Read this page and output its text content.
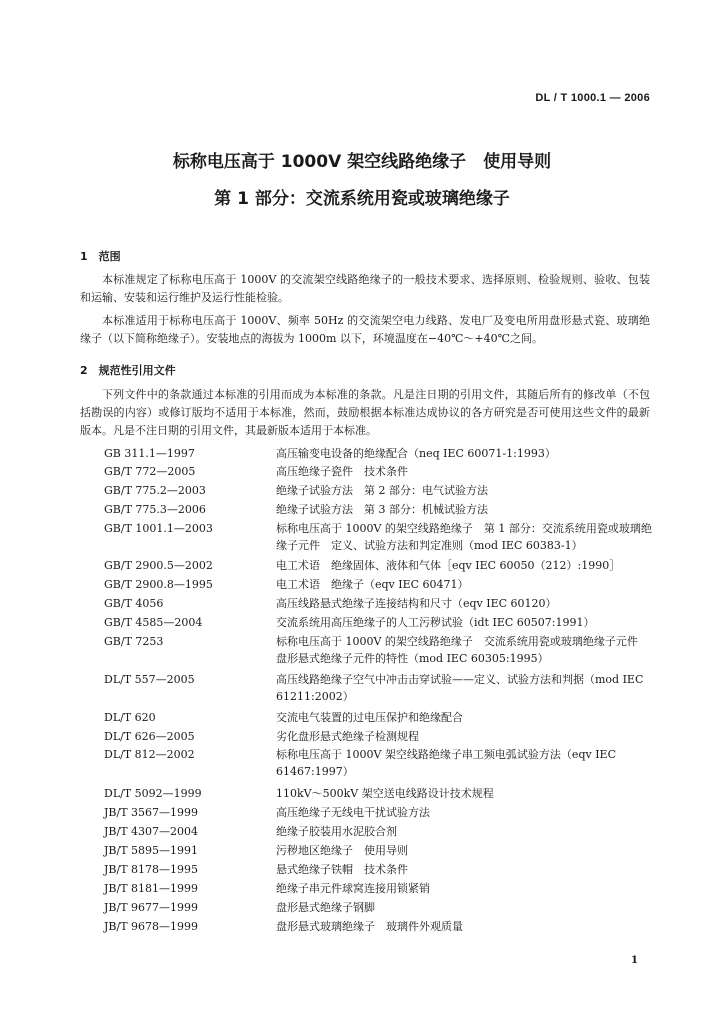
DL / T 1000.1 — 2006
标称电压高于 1000V 架空线路绝缘子　使用导则
第 1 部分：交流系统用瓷或玻璃绝缘子
1　范围
本标准规定了标称电压高于 1000V 的交流架空线路绝缘子的一般技术要求、选择原则、检验规则、验收、包装和运输、安装和运行维护及运行性能检验。
本标准适用于标称电压高于 1000V、频率 50Hz 的交流架空电力线路、发电厂及变电所用盘形悬式瓷、玻璃绝缘子（以下简称绝缘子）。安装地点的海拔为 1000m 以下，环境温度在−40℃～+40℃之间。
2　规范性引用文件
下列文件中的条款通过本标准的引用而成为本标准的条款。凡是注日期的引用文件，其随后所有的修改单（不包括勘误的内容）或修订版均不适用于本标准，然而，鼓励根据本标准达成协议的各方研究是否可使用这些文件的最新版本。凡是不注日期的引用文件，其最新版本适用于本标准。
GB 311.1—1997	高压输变电设备的绝缘配合（neq IEC 60071-1:1993）
GB/T 772—2005	高压绝缘子瓷件　技术条件
GB/T 775.2—2003	绝缘子试验方法　第 2 部分：电气试验方法
GB/T 775.3—2006	绝缘子试验方法　第 3 部分：机械试验方法
GB/T 1001.1—2003	标称电压高于 1000V 的架空线路绝缘子　第 1 部分：交流系统用瓷或玻璃绝缘子元件　定义、试验方法和判定准则（mod IEC 60383-1）
GB/T 2900.5—2002	电工术语　绝缘固体、液体和气体［eqv IEC 60050（212）:1990］
GB/T 2900.8—1995	电工术语　绝缘子（eqv IEC 60471）
GB/T 4056	高压线路悬式绝缘子连接结构和尺寸（eqv IEC 60120）
GB/T 4585—2004	交流系统用高压绝缘子的人工污秽试验（idt IEC 60507:1991）
GB/T 7253	标称电压高于 1000V 的架空线路绝缘子　交流系统用瓷或玻璃绝缘子元件　盘形悬式绝缘子元件的特性（mod IEC 60305:1995）
DL/T 557—2005	高压线路绝缘子空气中冲击击穿试验——定义、试验方法和判据（mod IEC 61211:2002）
DL/T 620	交流电气装置的过电压保护和绝缘配合
DL/T 626—2005	劣化盘形悬式绝缘子检测规程
DL/T 812—2002	标称电压高于 1000V 架空线路绝缘子串工频电弧试验方法（eqv IEC 61467:1997）
DL/T 5092—1999	110kV～500kV 架空送电线路设计技术规程
JB/T 3567—1999	高压绝缘子无线电干扰试验方法
JB/T 4307—2004	绝缘子胶装用水泥胶合剂
JB/T 5895—1991	污秽地区绝缘子　使用导则
JB/T 8178—1995	悬式绝缘子铁帽　技术条件
JB/T 8181—1999	绝缘子串元件球窝连接用锁紧销
JB/T 9677—1999	盘形悬式绝缘子钢脚
JB/T 9678—1999	盘形悬式玻璃绝缘子　玻璃件外观质量
1
